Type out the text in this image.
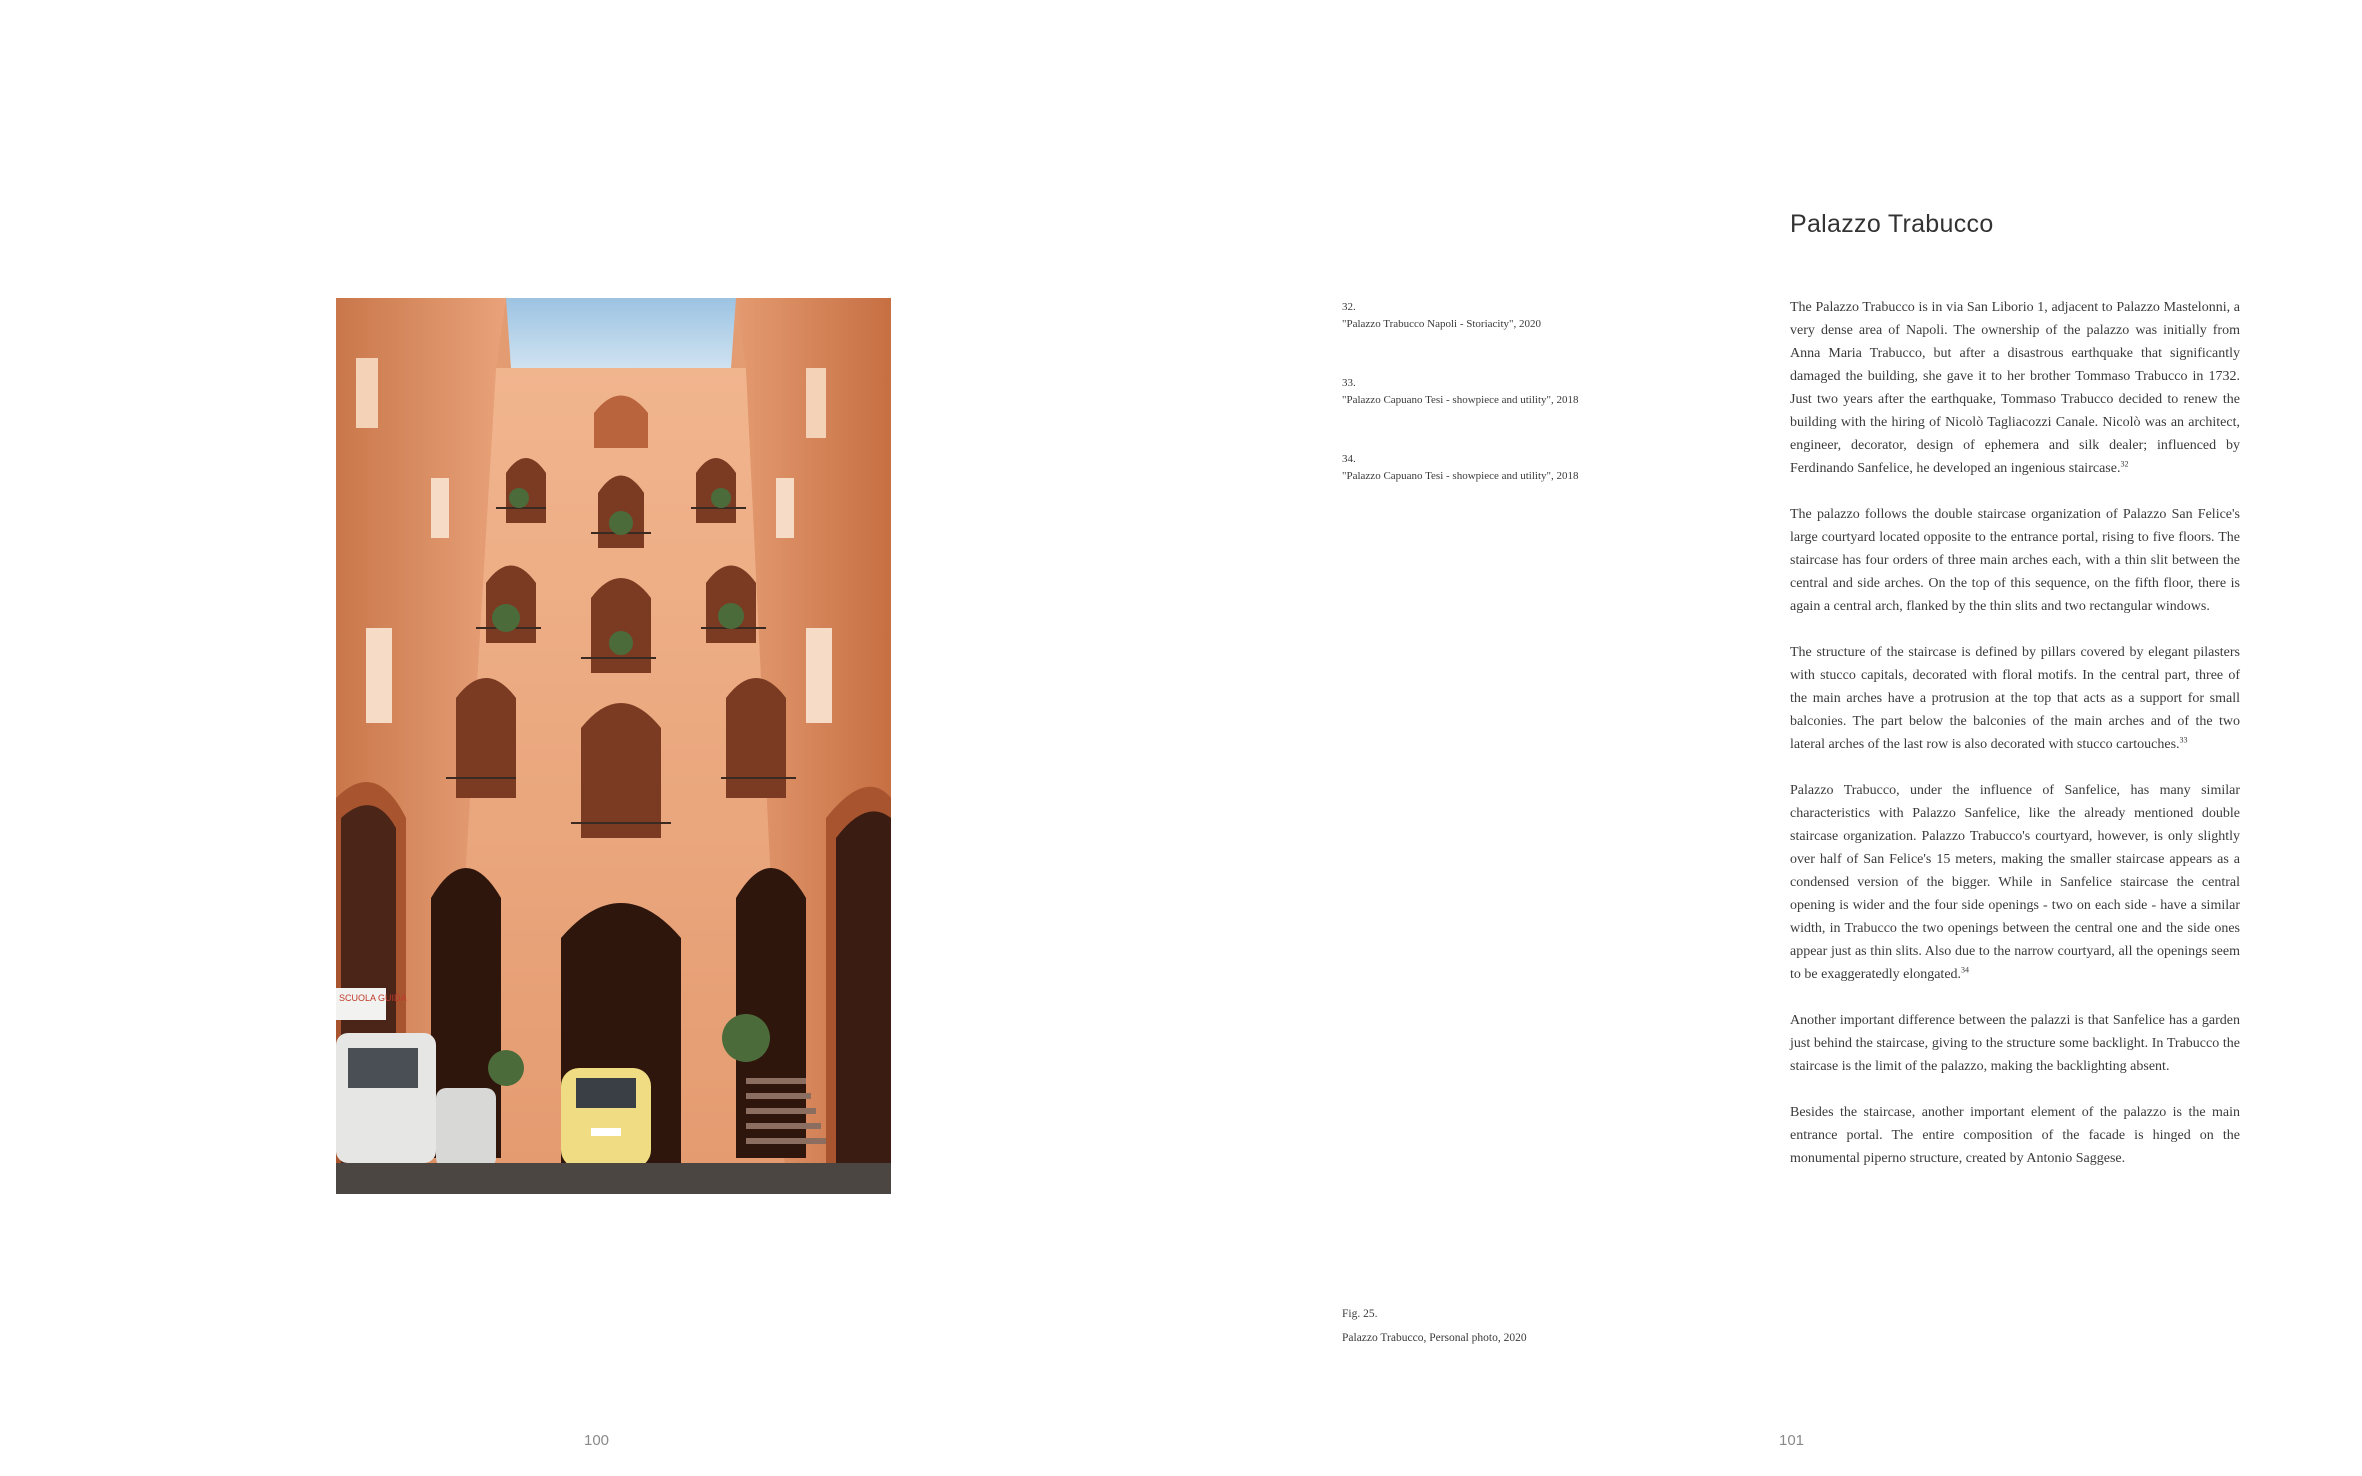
SCUOLA GUIDA
32.
"Palazzo Trabucco Napoli - Storiacity", 2020
33.
"Palazzo Capuano Tesi - showpiece and utility", 2018
34.
"Palazzo Capuano Tesi - showpiece and utility", 2018
Fig. 25.
Palazzo Trabucco, Personal photo, 2020
Palazzo Trabucco

The Palazzo Trabucco is in via San Liborio 1, adjacent to Palazzo Mastelonni, a very dense area of Napoli. The ownership of the palazzo was initially from Anna Maria Trabucco, but after a disastrous earthquake that significantly damaged the building, she gave it to her brother Tommaso Trabucco in 1732. Just two years after the earthquake, Tommaso Trabucco decided to renew the building with the hiring of Nicolò Tagliacozzi Canale. Nicolò was an architect, engineer, decorator, design of ephemera and silk dealer; influenced by Ferdinando Sanfelice, he developed an ingenious staircase.$^{32}$

The palazzo follows the double staircase organization of Palazzo San Felice's large courtyard located opposite to the entrance portal, rising to five floors. The staircase has four orders of three main arches each, with a thin slit between the central and side arches. On the top of this sequence, on the fifth floor, there is again a central arch, flanked by the thin slits and two rectangular windows.

The structure of the staircase is defined by pillars covered by elegant pilasters with stucco capitals, decorated with floral motifs. In the central part, three of the main arches have a protrusion at the top that acts as a support for small balconies. The part below the balconies of the main arches and of the two lateral arches of the last row is also decorated with stucco cartouches.$^{33}$

Palazzo Trabucco, under the influence of Sanfelice, has many similar characteristics with Palazzo Sanfelice, like the already mentioned double staircase organization. Palazzo Trabucco's courtyard, however, is only slightly over half of San Felice's 15 meters, making the smaller staircase appears as a condensed version of the bigger. While in Sanfelice staircase the central opening is wider and the four side openings - two on each side - have a similar width, in Trabucco the two openings between the central one and the side ones appear just as thin slits. Also due to the narrow courtyard, all the openings seem to be exaggeratedly elongated.$^{34}$

Another important difference between the palazzi is that Sanfelice has a garden just behind the staircase, giving to the structure some backlight. In Trabucco the staircase is the limit of the palazzo, making the backlighting absent.

Besides the staircase, another important element of the palazzo is the main entrance portal. The entire composition of the facade is hinged on the monumental piperno structure, created by Antonio Saggese.

100	101
